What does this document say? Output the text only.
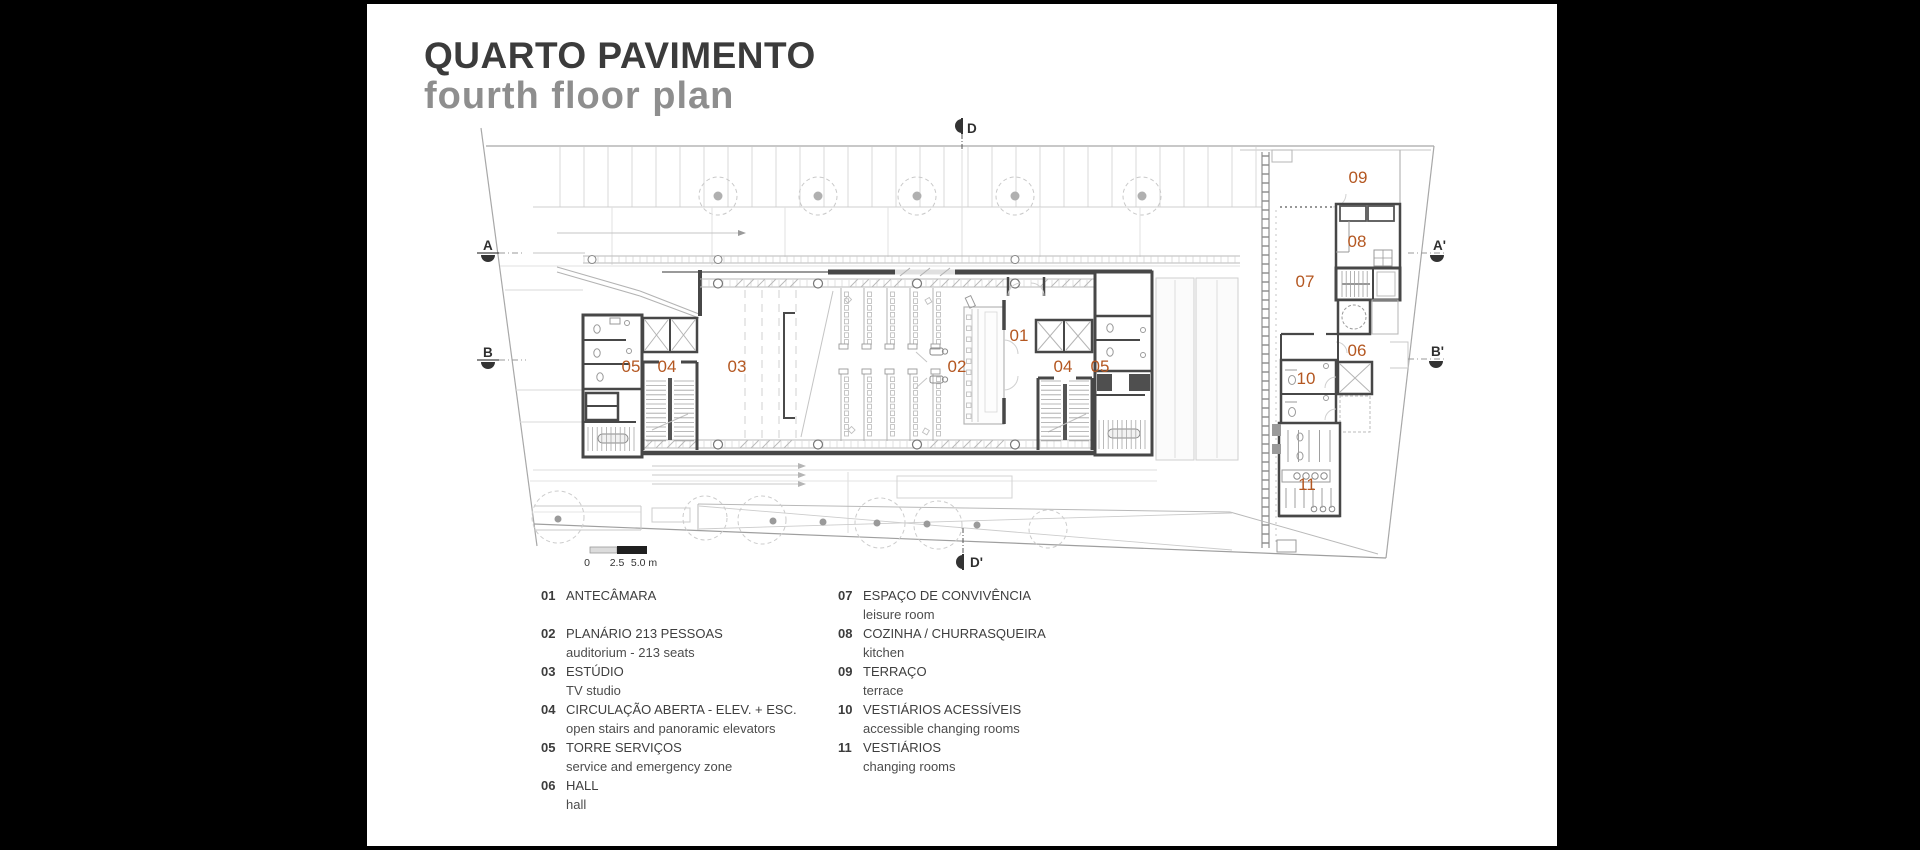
QUARTO PAVIMENTO
fourth floor plan
A
B
A'
B'
D
D'
0 2.5 5.0 m
05 04	03	02
01
04 05
06
07
08
09
10
11
01 ANTECÂMARA
02 PLANÁRIO 213 PESSOAS
auditorium - 213 seats
03 ESTÚDIO
TV studio
04 CIRCULAÇÃO ABERTA - ELEV. + ESC.
open stairs and panoramic elevators
05 TORRE SERVIÇOS
service and emergency zone
06 HALL
hall
07 ESPAÇO DE CONVIVÊNCIA
leisure room
08 COZINHA / CHURRASQUEIRA
kitchen
09 TERRAÇO
terrace
10 VESTIÁRIOS ACESSÍVEIS
accessible changing rooms
11 VESTIÁRIOS
changing rooms
